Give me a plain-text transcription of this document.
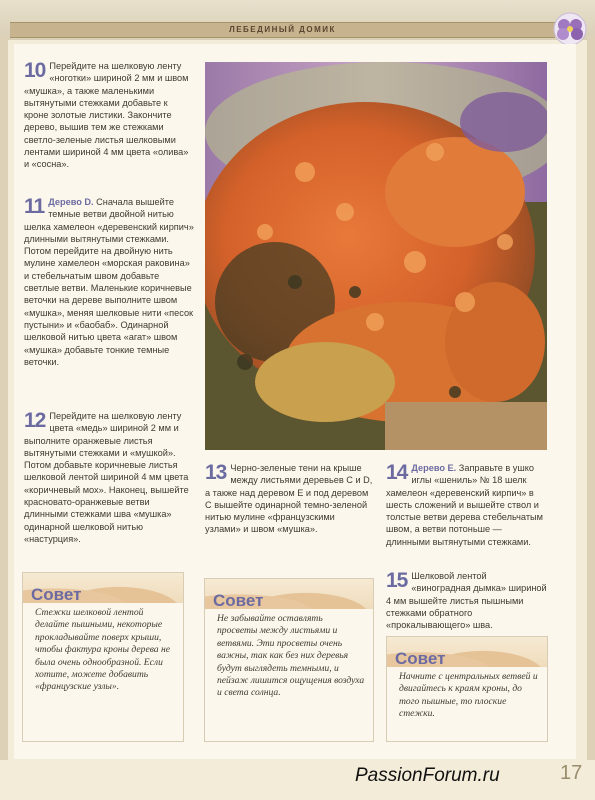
ЛЕБЕДИНЫЙ ДОМИК
10 Перейдите на шелковую ленту «ноготки» шириной 2 мм и швом «мушка», а также маленькими вытянутыми стежками добавьте к кроне золотые листики. Закончите дерево, вышив тем же стежками светло-зеленые листья шелковыми лентами шириной 4 мм цвета «олива» и «сосна».
11 Дерево D. Сначала вышейте темные ветви двойной нитью шелка хамелеон «деревенский кирпич» длинными вытянутыми стежками. Потом перейдите на двойную нить мулине хамелеон «морская раковина» и стебельчатым швом добавьте светлые ветви. Маленькие коричневые веточки на дереве выполните швом «мушка», меняя шелковые нити «песок пустыни» и «баобаб». Одинарной шелковой нитью цвета «агат» швом «мушка» добавьте тонкие темные веточки.
12 Перейдите на шелковую ленту цвета «медь» шириной 2 мм и выполните оранжевые листья вытянутыми стежками и «мушкой». Потом добавьте коричневые листья шелковой лентой шириной 4 мм цвета «коричневый мох». Наконец, вышейте красновато-оранжевые ветви длинными стежками шва «мушка» одинарной шелковой нитью «настурция».
13 Черно-зеленые тени на крыше между листьями деревьев C и D, а также над деревом E и под деревом C вышейте одинарной темно-зеленой нитью мулине «французскими узлами» и швом «мушка».
14 Дерево E. Заправьте в ушко иглы «шениль» № 18 шелк хамелеон «деревенский кирпич» в шесть сложений и вышейте ствол и толстые ветви дерева стебельчатым швом, а ветви потоньше — длинными вытянутыми стежками.
15 Шелковой лентой «виноградная дымка» шириной 4 мм вышейте листья пышными стежками обратного «прокалывающего» шва.
Совет
Стежки шелковой лентой делайте пышными, некоторые прокладывайте поверх крыши, чтобы фактура кроны дерева не была очень однообразной. Если хотите, можете добавить «французские узлы».
Совет
Не забывайте оставлять просветы между листьями и ветвями. Эти просветы очень важны, так как без них деревья будут выглядеть темными, и пейзаж лишится ощущения воздуха и света солнца.
Совет
Начните с центральных ветвей и двигайтесь к краям кроны, до того пышные, то плоские стежки.
PassionForum.ru	17
